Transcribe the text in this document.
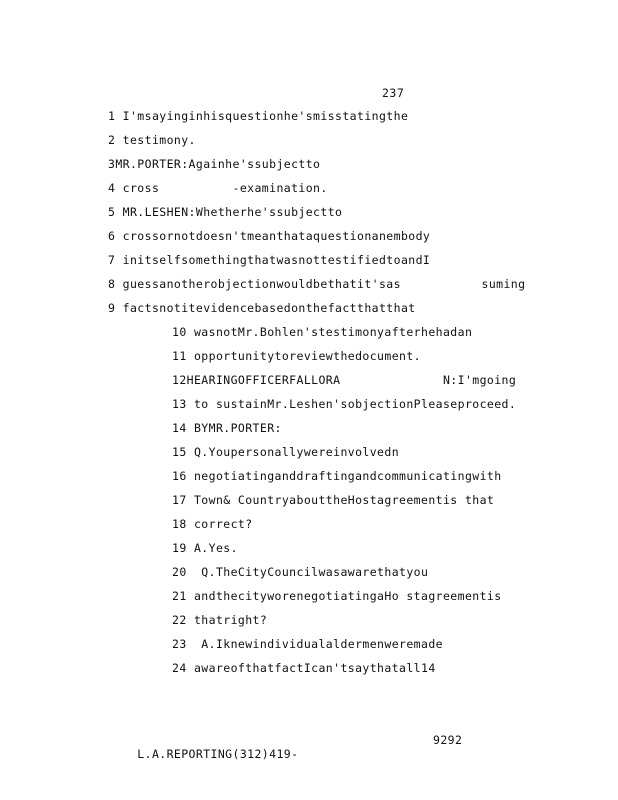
237
1 I'msayinginhisquestionhe'smisstatingthe
2 testimony.
3MR.PORTER:Againhe'ssubjectto
4 cross          -examination.
5 MR.LESHEN:Whetherhe'ssubjectto
6 crossornotdoesn'tmeanthataquestionanembody
7 initselfsomethingthatwasnottestifiedtoandI
8 guessanotherobjectionwouldbethatit'sas           suming
9 factsnotitevidencebasedonthefactthatthat
10 wasnotMr.Bohlen'stestimonyafterhehadan
11 opportunitytoreviewthedocument.
12HEARINGOFFICERFALLORA              N:I'mgoing
13 to sustainMr.Leshen'sobjectionPleaseproceed.
14 BYMR.PORTER:
15 Q.Youpersonallywereinvolvedn
16 negotiatinganddraftingandcommunicatingwith
17 Town& CountryabouttheHostagreementis that
18 correct?
19 A.Yes.
20  Q.TheCityCouncilwasawarethatyou
21 andthecityworenegotiatingaHo stagreementis
22 thatright?
23  A.Iknewindividualaldermenweremade
24 awareofthatfactIcan'tsaythatall14

L.A.REPORTING(312)419-

9292
